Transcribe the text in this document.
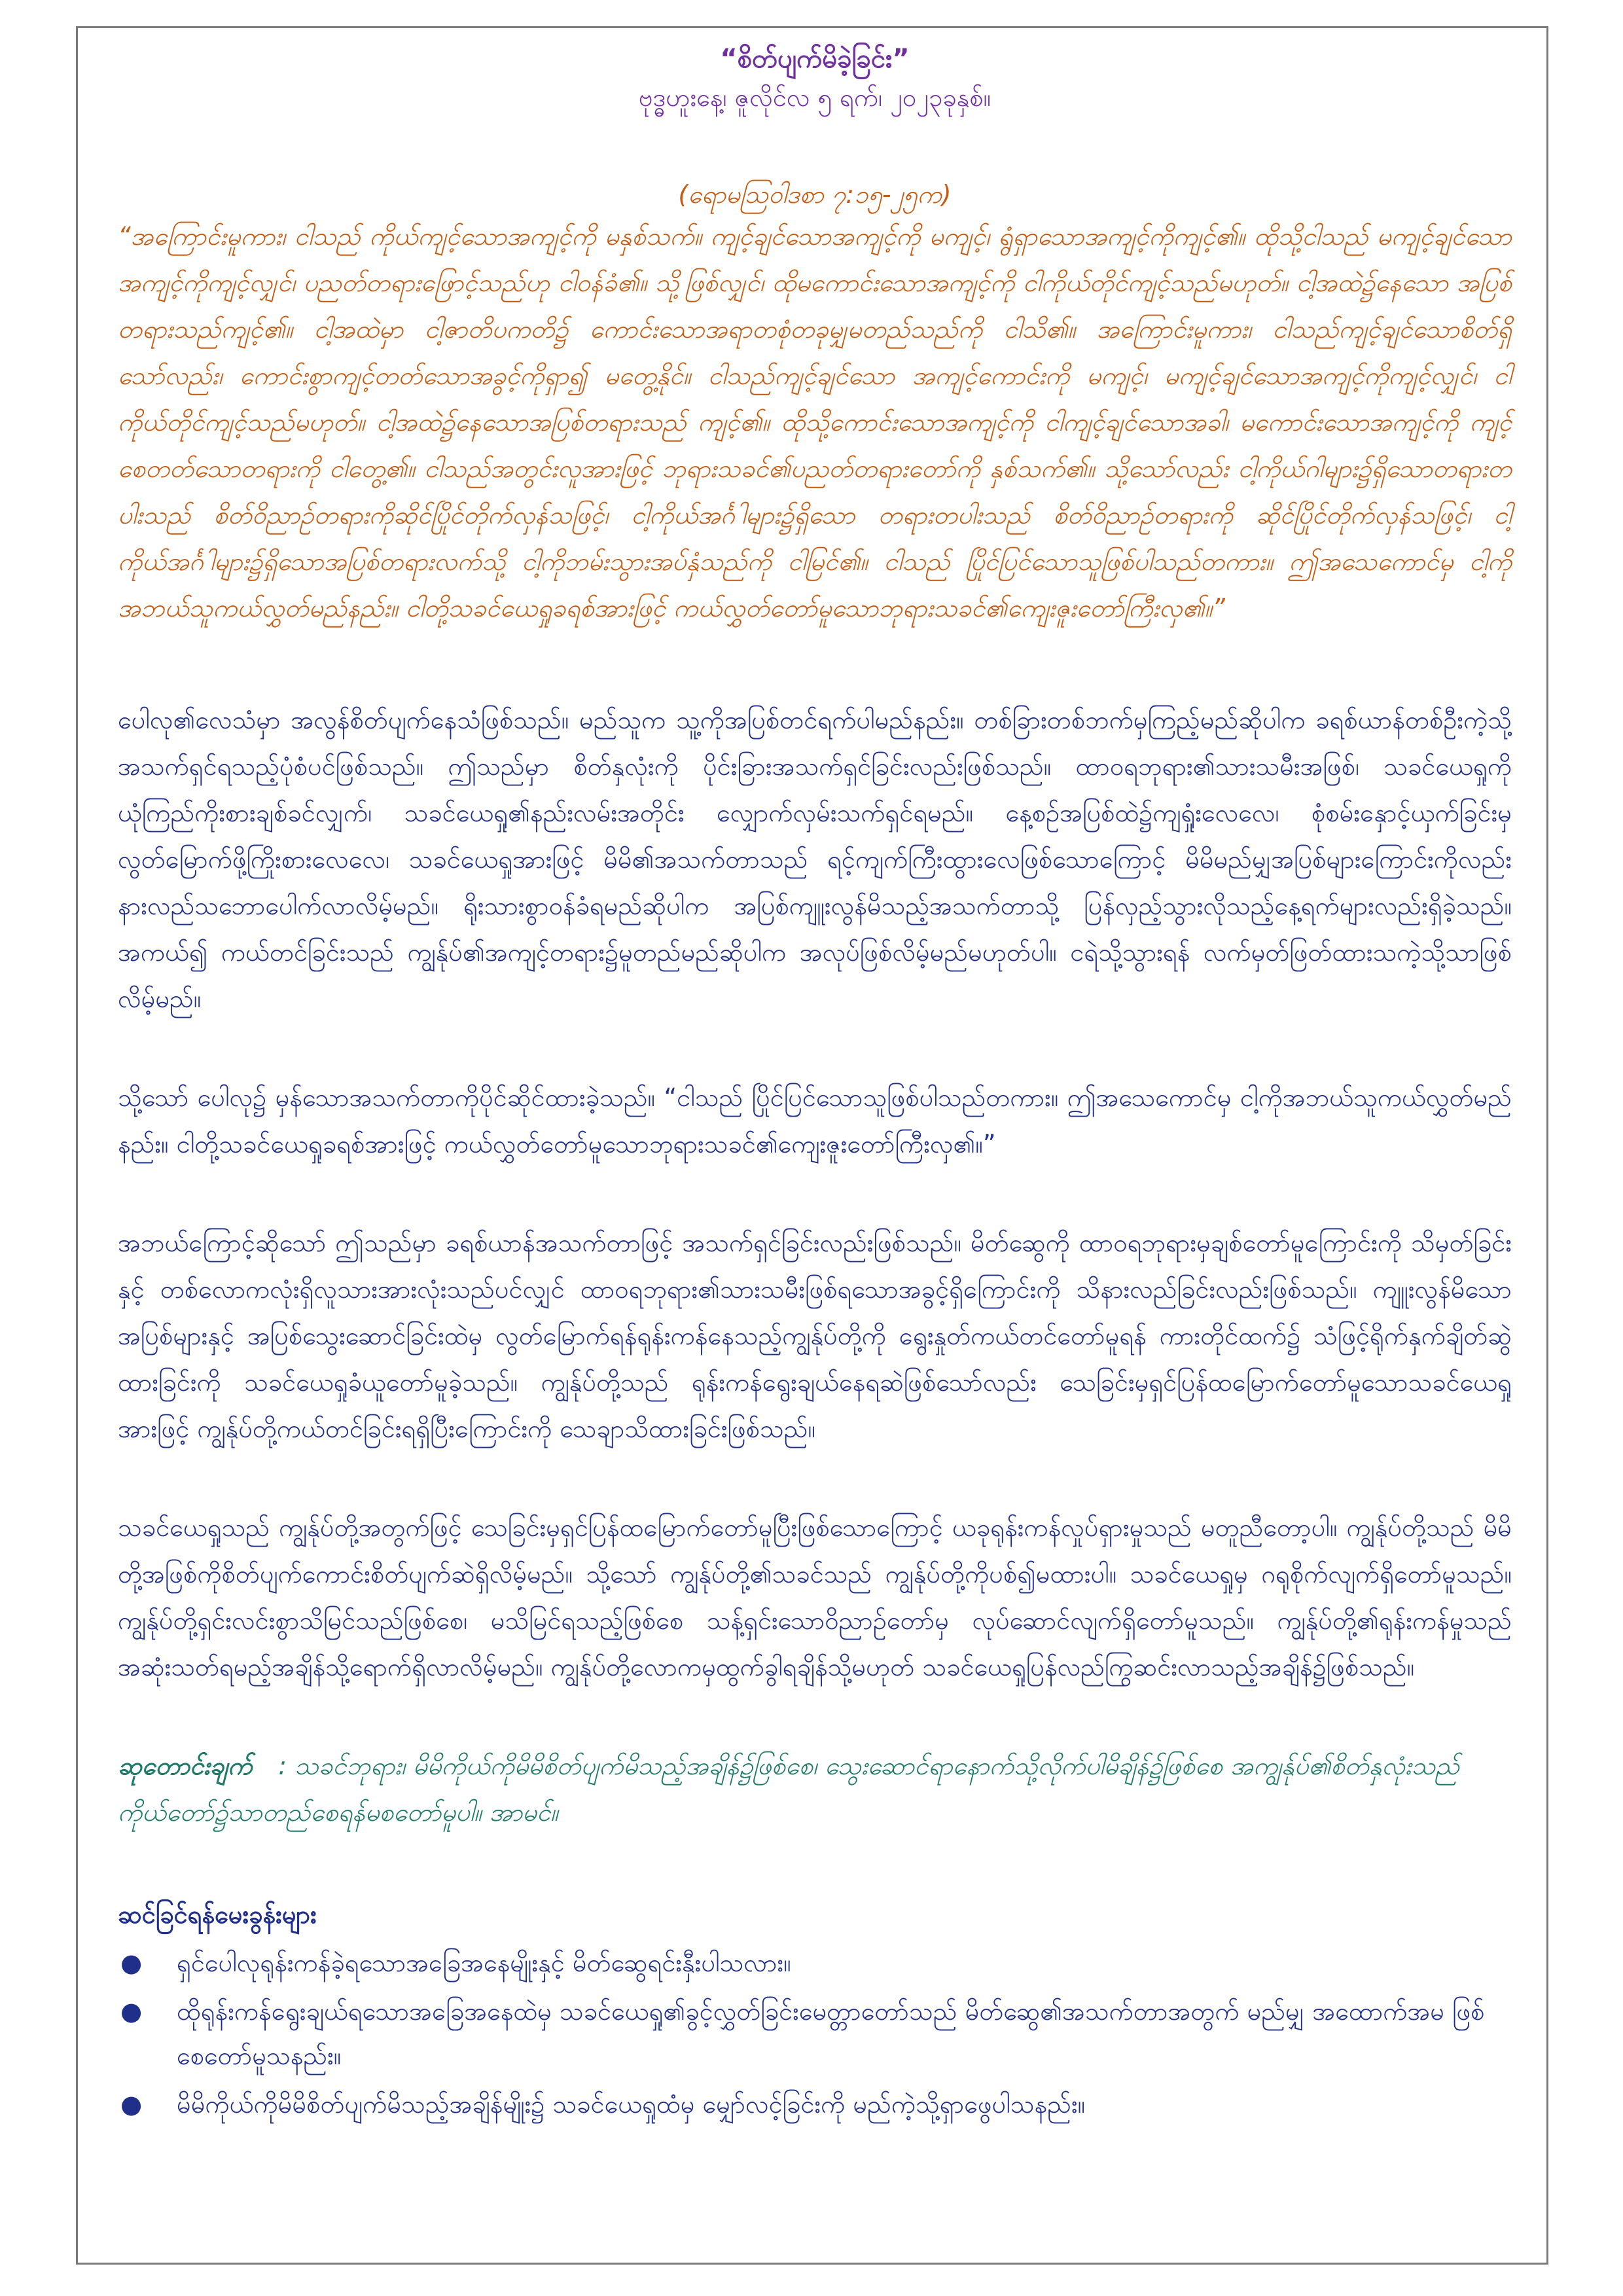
“စိတ်ပျက်မိခဲ့ခြင်း”

ဗုဒ္ဓဟူးနေ့၊ ဇူလိုင်လ ၅ ရက်၊ ၂၀၂၃ခုနှစ်။

(ရောမသြဝါဒစာ ၇:၁၅-၂၅က)

“အကြောင်းမူကား၊ ငါသည် ကိုယ်ကျင့်သောအကျင့်ကို မနှစ်သက်။ ကျင့်ချင်သောအကျင့်ကို မကျင့်၊ ရွံရှာသောအကျင့်ကိုကျင့်၏။ ထိုသို့ငါသည် မကျင့်ချင်သောအကျင့်ကိုကျင့်လျှင်၊ ပညတ်တရားဖြောင့်သည်ဟု ငါဝန်ခံ၏။ သို့ဖြစ်လျှင်၊ ထိုမကောင်းသောအကျင့်ကို ငါကိုယ်တိုင်ကျင့်သည်မဟုတ်။ ငါ့အထဲ၌နေသော အပြစ်တရားသည်ကျင့်၏။ ငါ့အထဲမှာ ငါ့ဇာတိပကတိ၌ ကောင်းသောအရာတစုံတခုမျှမတည်သည်ကို ငါသိ၏။ အကြောင်းမူကား၊ ငါသည်ကျင့်ချင်သောစိတ်ရှိသော်လည်း၊ ကောင်းစွာကျင့်တတ်သောအခွင့်ကိုရှာ၍ မတွေ့နိုင်။ ငါသည်ကျင့်ချင်သော အကျင့်ကောင်းကို မကျင့်၊ မကျင့်ချင်သောအကျင့်ကိုကျင့်လျှင်၊ ငါကိုယ်တိုင်ကျင့်သည်မဟုတ်။ ငါ့အထဲ၌နေသောအပြစ်တရားသည် ကျင့်၏။ ထိုသို့ကောင်းသောအကျင့်ကို ငါကျင့်ချင်သောအခါ၊ မကောင်းသောအကျင့်ကို ကျင့်စေတတ်သောတရားကို ငါတွေ့၏။ ငါသည်အတွင်းလူအားဖြင့် ဘုရားသခင်၏ပညတ်တရားတော်ကို နှစ်သက်၏။ သို့သော်လည်း ငါ့ကိုယ်ဂါများ၌ရှိသောတရားတပါးသည် စိတ်ဝိညာဉ်တရားကိုဆိုင်ပြိုင်တိုက်လှန်သဖြင့်၊ ငါ့ကိုယ်အင်္ဂါများ၌ရှိသော တရားတပါးသည် စိတ်ဝိညာဉ်တရားကို ဆိုင်ပြိုင်တိုက်လှန်သဖြင့်၊ ငါ့ကိုယ်အင်္ဂါများ၌ရှိသောအပြစ်တရားလက်သို့ ငါ့ကိုဘမ်းသွားအပ်နှံသည်ကို ငါမြင်၏။ ငါသည် ပြိုင်ပြင်သောသူဖြစ်ပါသည်တကား။ ဤအသေကောင်မှ ငါ့ကိုအဘယ်သူကယ်လွှတ်မည်နည်း။ ငါတို့သခင်ယေရှုခရစ်အားဖြင့် ကယ်လွှတ်တော်မူသောဘုရားသခင်၏ကျေးဇူးတော်ကြီးလှ၏။”

ပေါလု၏လေသံမှာ အလွန်စိတ်ပျက်နေသံဖြစ်သည်။ မည်သူက သူ့ကိုအပြစ်တင်ရက်ပါမည်နည်း။ တစ်ခြားတစ်ဘက်မှကြည့်မည်ဆိုပါက ခရစ်ယာန်တစ်ဦးကဲ့သို့အသက်ရှင်ရသည့်ပုံစံပင်ဖြစ်သည်။ ဤသည်မှာ စိတ်နှလုံးကို ပိုင်းခြားအသက်ရှင်ခြင်းလည်းဖြစ်သည်။ ထာဝရဘုရား၏သားသမီးအဖြစ်၊ သခင်ယေရှုကို ယုံကြည်ကိုးစားချစ်ခင်လျှက်၊ သခင်ယေရှု၏နည်းလမ်းအတိုင်း လျှောက်လှမ်းသက်ရှင်ရမည်။ နေ့စဉ်အပြစ်ထဲ၌ကျရှုံးလေလေ၊ စုံစမ်းနှောင့်ယှက်ခြင်းမှ လွတ်မြောက်ဖို့ကြိုးစားလေလေ၊ သခင်ယေရှုအားဖြင့် မိမိ၏အသက်တာသည် ရင့်ကျက်ကြီးထွားလေဖြစ်သောကြောင့် မိမိမည်မျှအပြစ်များကြောင်းကိုလည်း နားလည်သဘောပေါက်လာလိမ့်မည်။ ရိုးသားစွာဝန်ခံရမည်ဆိုပါက အပြစ်ကျူးလွန်မိသည့်အသက်တာသို့ ပြန်လှည့်သွားလိုသည့်နေ့ရက်များလည်းရှိခဲ့သည်။ အကယ်၍ ကယ်တင်ခြင်းသည် ကျွန်ုပ်၏အကျင့်တရား၌မူတည်မည်ဆိုပါက အလုပ်ဖြစ်လိမ့်မည်မဟုတ်ပါ။ ငရဲသို့သွားရန် လက်မှတ်ဖြတ်ထားသကဲ့သို့သာဖြစ်လိမ့်မည်။

သို့သော် ပေါလု၌ မှန်သောအသက်တာကိုပိုင်ဆိုင်ထားခဲ့သည်။ “ငါသည် ပြိုင်ပြင်သောသူဖြစ်ပါသည်တကား။ ဤအသေကောင်မှ ငါ့ကိုအဘယ်သူကယ်လွှတ်မည်နည်း။ ငါတို့သခင်ယေရှုခရစ်အားဖြင့် ကယ်လွှတ်တော်မူသောဘုရားသခင်၏ကျေးဇူးတော်ကြီးလှ၏။”

အဘယ်ကြောင့်ဆိုသော် ဤသည်မှာ ခရစ်ယာန်အသက်တာဖြင့် အသက်ရှင်ခြင်းလည်းဖြစ်သည်။ မိတ်ဆွေကို ထာဝရဘုရားမှချစ်တော်မူကြောင်းကို သိမှတ်ခြင်းနှင့် တစ်လောကလုံးရှိလူသားအားလုံးသည်ပင်လျှင် ထာဝရဘုရား၏သားသမီးဖြစ်ရသောအခွင့်ရှိကြောင်းကို သိနားလည်ခြင်းလည်းဖြစ်သည်။ ကျူးလွန်မိသောအပြစ်များနှင့် အပြစ်သွေးဆောင်ခြင်းထဲမှ လွတ်မြောက်ရန်ရုန်းကန်နေသည့်ကျွန်ုပ်တို့ကို ရွေးနှုတ်ကယ်တင်တော်မူရန် ကားတိုင်ထက်၌ သံဖြင့်ရိုက်နှက်ချိတ်ဆွဲထားခြင်းကို သခင်ယေရှုခံယူတော်မူခဲ့သည်။ ကျွန်ုပ်တို့သည် ရုန်းကန်ရွေးချယ်နေရဆဲဖြစ်သော်လည်း သေခြင်းမှရှင်ပြန်ထမြောက်တော်မူသောသခင်ယေရှုအားဖြင့် ကျွန်ုပ်တို့ကယ်တင်ခြင်းရရှိပြီးကြောင်းကို သေချာသိထားခြင်းဖြစ်သည်။

သခင်ယေရှုသည် ကျွန်ုပ်တို့အတွက်ဖြင့် သေခြင်းမှရှင်ပြန်ထမြောက်တော်မူပြီးဖြစ်သောကြောင့် ယခုရုန်းကန်လှုပ်ရှားမှုသည် မတူညီတော့ပါ။ ကျွန်ုပ်တို့သည် မိမိတို့အဖြစ်ကိုစိတ်ပျက်ကောင်းစိတ်ပျက်ဆဲရှိလိမ့်မည်။ သို့သော် ကျွန်ုပ်တို့၏သခင်သည် ကျွန်ုပ်တို့ကိုပစ်၍မထားပါ။ သခင်ယေရှုမှ ဂရုစိုက်လျက်ရှိတော်မူသည်။ ကျွန်ုပ်တို့ရှင်းလင်းစွာသိမြင်သည်ဖြစ်စေ၊ မသိမြင်ရသည့်ဖြစ်စေ သန့်ရှင်းသောဝိညာဉ်တော်မှ လုပ်ဆောင်လျက်ရှိတော်မူသည်။ ကျွန်ုပ်တို့၏ရုန်းကန်မှုသည် အဆုံးသတ်ရမည့်အချိန်သို့ရောက်ရှိလာလိမ့်မည်။ ကျွန်ုပ်တို့လောကမှထွက်ခွါရချိန်သို့မဟုတ် သခင်ယေရှုပြန်လည်ကြွဆင်းလာသည့်အချိန်၌ဖြစ်သည်။

ဆုတောင်းချက် : သခင်ဘုရား၊ မိမိကိုယ်ကိုမိမိစိတ်ပျက်မိသည့်အချိန်၌ဖြစ်စေ၊ သွေးဆောင်ရာနောက်သို့လိုက်ပါမိချိန်၌ဖြစ်စေ အကျွန်ုပ်၏စိတ်နှလုံးသည် ကိုယ်တော်၌သာတည်စေရန်မစတော်မူပါ။ အာမင်။

ဆင်ခြင်ရန်မေးခွန်းများ
● ရှင်ပေါလုရုန်းကန်ခဲ့ရသောအခြေအနေမျိုးနှင့် မိတ်ဆွေရင်းနှီးပါသလား။
● ထိုရုန်းကန်ရွေးချယ်ရသောအခြေအနေထဲမှ သခင်ယေရှု၏ခွင့်လွှတ်ခြင်းမေတ္တာတော်သည် မိတ်ဆွေ၏အသက်တာအတွက် မည်မျှ အထောက်အမ ဖြစ်စေတော်မူသနည်း။
● မိမိကိုယ်ကိုမိမိစိတ်ပျက်မိသည့်အချိန်မျိုး၌ သခင်ယေရှုထံမှ မျှော်လင့်ခြင်းကို မည်ကဲ့သို့ရှာဖွေပါသနည်း။
